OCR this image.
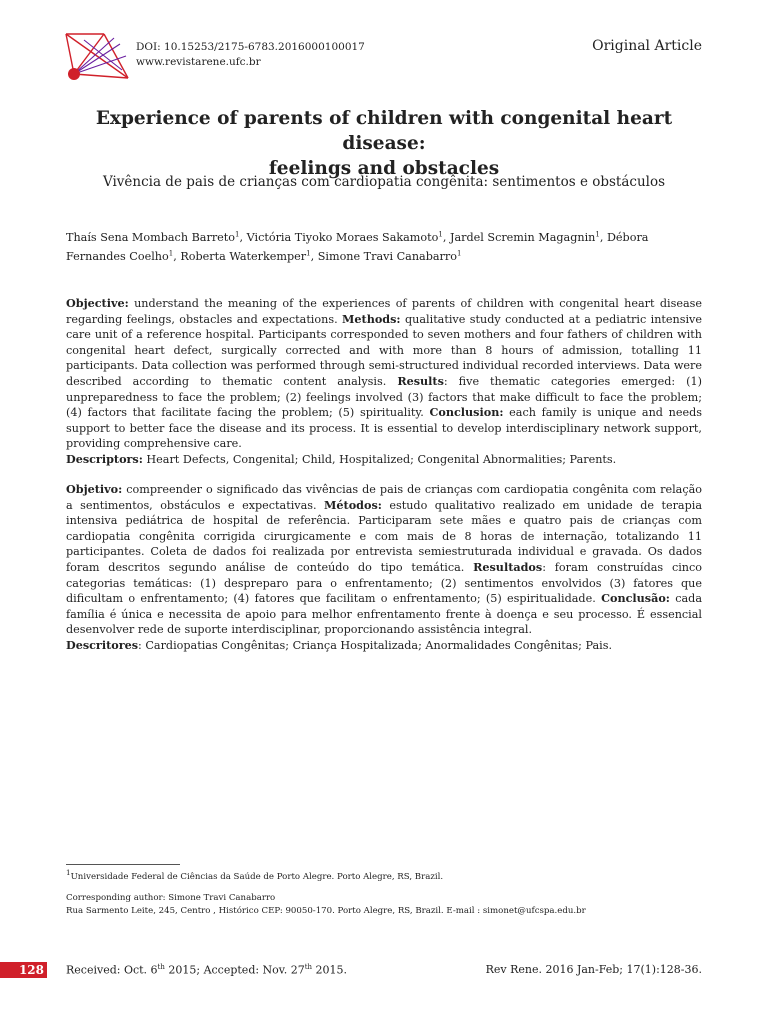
DOI: 10.15253/2175-6783.2016000100017
www.revistarene.ufc.br
Original Article
Experience of parents of children with congenital heart disease:
feelings and obstacles
Vivência de pais de crianças com cardiopatia congênita: sentimentos e obstáculos
Thaís Sena Mombach Barreto$^1$, Victória Tiyoko Moraes Sakamoto$^1$, Jardel Scremin Magagnin$^1$, Débora Fernandes Coelho$^1$, Roberta Waterkemper$^1$, Simone Travi Canabarro$^1$

Objective: understand the meaning of the experiences of parents of children with congenital heart disease regarding feelings, obstacles and expectations. Methods: qualitative study conducted at a pediatric intensive care unit of a reference hospital. Participants corresponded to seven mothers and four fathers of children with congenital heart defect, surgically corrected and with more than 8 hours of admission, totalling 11 participants. Data collection was performed through semi-structured individual recorded interviews. Data were described according to thematic content analysis. Results: five thematic categories emerged: (1) unpreparedness to face the problem; (2) feelings involved (3) factors that make difficult to face the problem; (4) factors that facilitate facing the problem; (5) spirituality. Conclusion: each family is unique and needs support to better face the disease and its process. It is essential to develop interdisciplinary network support, providing comprehensive care.

Descriptors: Heart Defects, Congenital; Child, Hospitalized; Congenital Abnormalities; Parents.

Objetivo: compreender o significado das vivências de pais de crianças com cardiopatia congênita com relação a sentimentos, obstáculos e expectativas. Métodos: estudo qualitativo realizado em unidade de terapia intensiva pediátrica de hospital de referência. Participaram sete mães e quatro pais de crianças com cardiopatia congênita corrigida cirurgicamente e com mais de 8 horas de internação, totalizando 11 participantes. Coleta de dados foi realizada por entrevista semiestruturada individual e gravada. Os dados foram descritos segundo análise de conteúdo do tipo temática. Resultados: foram construídas cinco categorias temáticas: (1) despreparo para o enfrentamento; (2) sentimentos envolvidos (3) fatores que dificultam o enfrentamento; (4) fatores que facilitam o enfrentamento; (5) espiritualidade. Conclusão: cada família é única e necessita de apoio para melhor enfrentamento frente à doença e seu processo. É essencial desenvolver rede de suporte interdisciplinar, proporcionando assistência integral.

Descritores: Cardiopatias Congênitas; Criança Hospitalizada; Anormalidades Congênitas; Pais.

$^1$Universidade Federal de Ciências da Saúde de Porto Alegre. Porto Alegre, RS, Brazil.
Corresponding author: Simone Travi Canabarro
Rua Sarmento Leite, 245, Centro , Histórico CEP: 90050-170. Porto Alegre, RS, Brazil. E-mail : simonet@ufcspa.edu.br
128 Received: Oct. 6th 2015; Accepted: Nov. 27th 2015.	Rev Rene. 2016 Jan-Feb; 17(1):128-36.
